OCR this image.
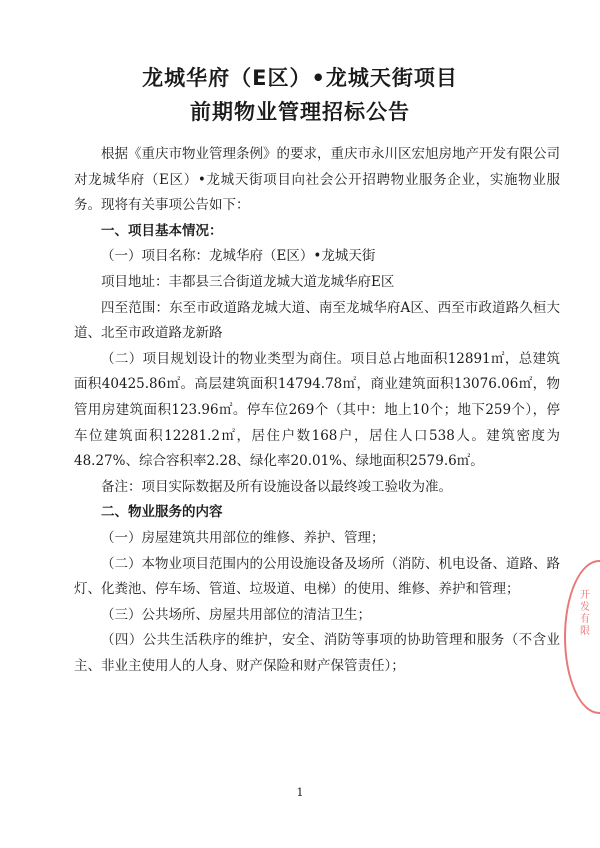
龙城华府（E区）•龙城天街项目
前期物业管理招标公告

根据《重庆市物业管理条例》的要求，重庆市永川区宏旭房地产开发有限公司对龙城华府（E区）•龙城天街项目向社会公开招聘物业服务企业，实施物业服务。现将有关事项公告如下：

一、项目基本情况：

（一）项目名称：龙城华府（E区）•龙城天街

项目地址：丰都县三合街道龙城大道龙城华府E区

四至范围：东至市政道路龙城大道、南至龙城华府A区、西至市政道路久桓大道、北至市政道路龙新路

（二）项目规划设计的物业类型为商住。项目总占地面积12891㎡，总建筑面积40425.86㎡。高层建筑面积14794.78㎡，商业建筑面积13076.06㎡，物管用房建筑面积123.96㎡。停车位269个（其中：地上10个；地下259个），停车位建筑面积12281.2㎡，居住户数168户，居住人口538人。建筑密度为48.27%、综合容积率2.28、绿化率20.01%、绿地面积2579.6㎡。

备注：项目实际数据及所有设施设备以最终竣工验收为准。

二、物业服务的内容

（一）房屋建筑共用部位的维修、养护、管理；

（二）本物业项目范围内的公用设施设备及场所（消防、机电设备、道路、路灯、化粪池、停车场、管道、垃圾道、电梯）的使用、维修、养护和管理；

（三）公共场所、房屋共用部位的清洁卫生；

（四）公共生活秩序的维护，安全、消防等事项的协助管理和服务（不含业主、非业主使用人的人身、财产保险和财产保管责任）；

1
开发有限
